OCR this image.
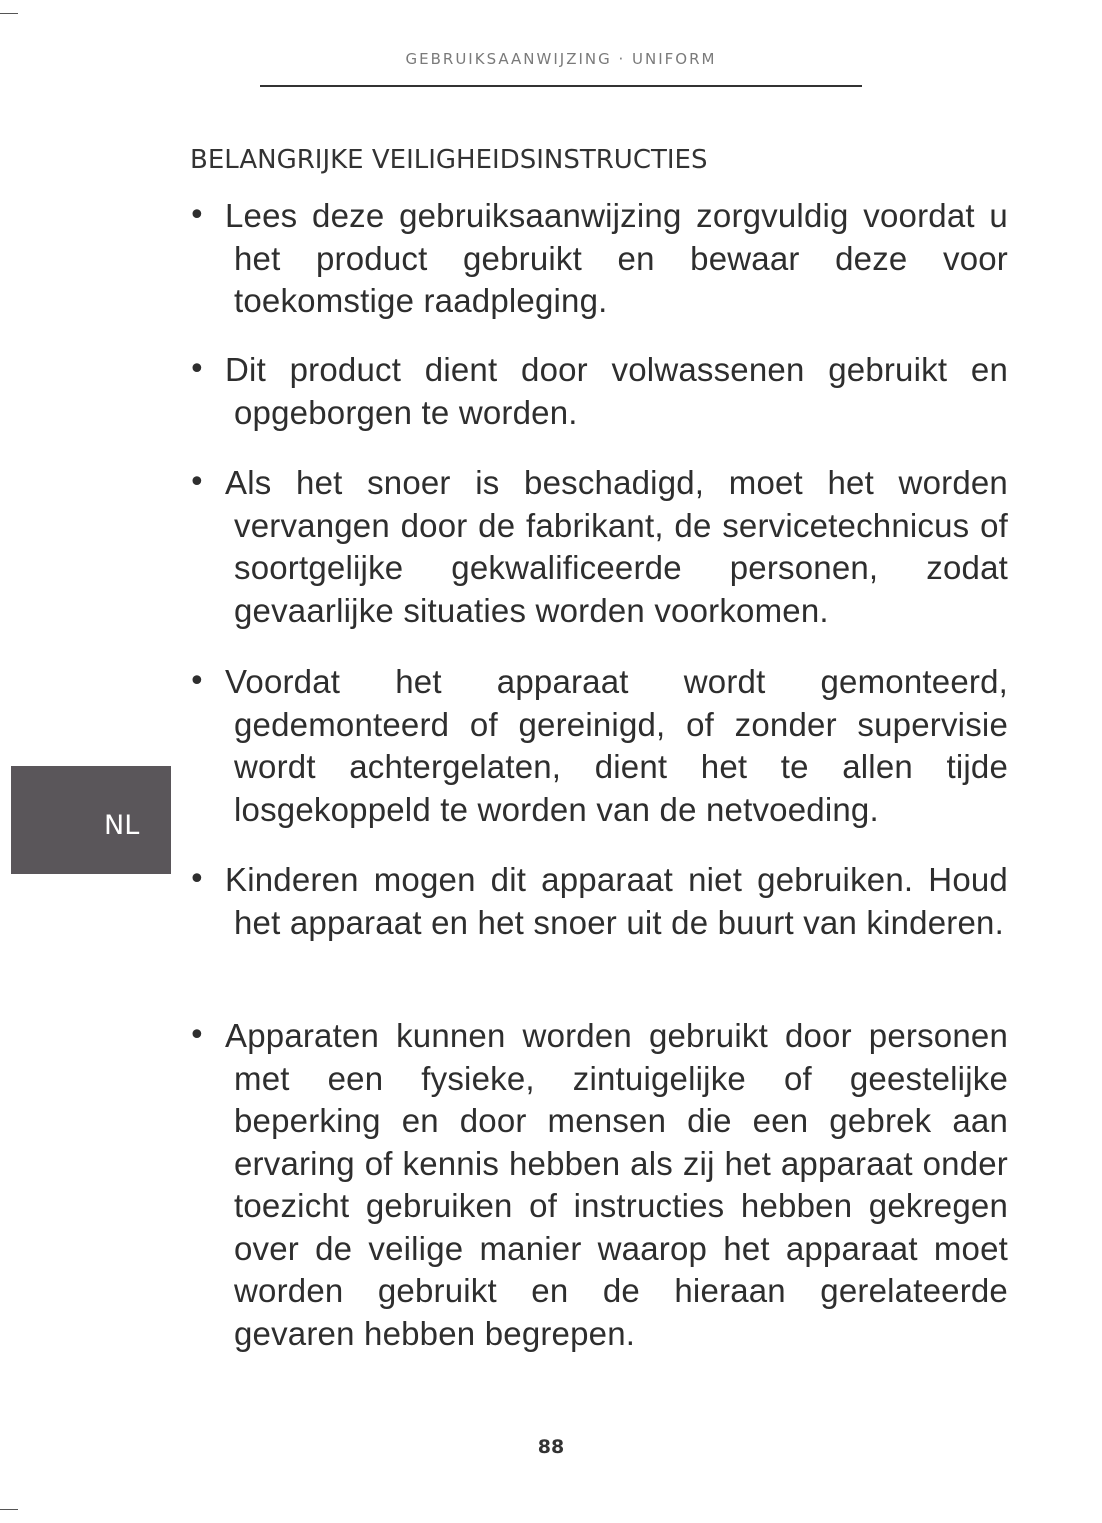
GEBRUIKSAANWIJZING · UNIFORM
BELANGRIJKE VEILIGHEIDSINSTRUCTIES
• Lees deze gebruiksaanwijzing zorgvuldig voordat u het product gebruikt en bewaar deze voor toekomstige raadpleging.
• Dit product dient door volwassenen gebruikt en opgeborgen te worden.
• Als het snoer is beschadigd, moet het worden vervangen door de fabrikant, de servicetechnicus of soortgelijke gekwalificeerde personen, zodat gevaarlijke situaties worden voorkomen.
• Voordat het apparaat wordt gemonteerd, gedemonteerd of gereinigd, of zonder supervisie wordt achtergelaten, dient het te allen tijde losgekoppeld te worden van de netvoeding.
• Kinderen mogen dit apparaat niet gebruiken. Houd het apparaat en het snoer uit de buurt van kinderen.
• Apparaten kunnen worden gebruikt door personen met een fysieke, zintuigelijke of geestelijke beperking en door mensen die een gebrek aan ervaring of kennis hebben als zij het apparaat onder toezicht gebruiken of instructies hebben gekregen over de veilige manier waarop het apparaat moet worden gebruikt en de hieraan gerelateerde gevaren hebben begrepen.
NL
88
